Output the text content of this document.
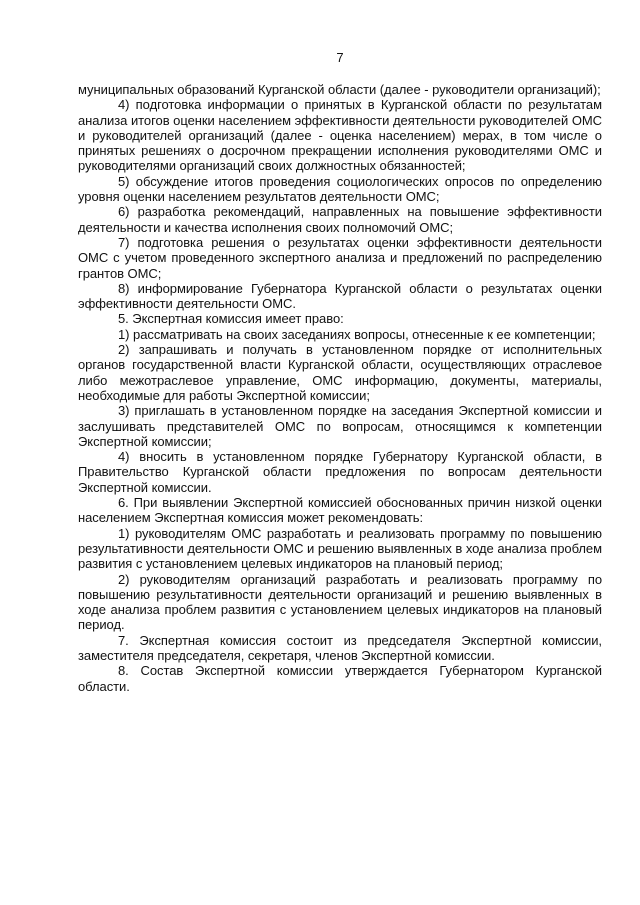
7

муниципальных образований Курганской области (далее - руководители организаций);

4) подготовка информации о принятых в Курганской области по результатам анализа итогов оценки населением эффективности деятельности руководителей ОМС и руководителей организаций (далее - оценка населением) мерах, в том числе о принятых решениях о досрочном прекращении исполнения руководителями ОМС и руководителями организаций своих должностных обязанностей;

5) обсуждение итогов проведения социологических опросов по определению уровня оценки населением результатов деятельности ОМС;

6) разработка рекомендаций, направленных на повышение эффективности деятельности и качества исполнения своих полномочий ОМС;

7) подготовка решения о результатах оценки эффективности деятельности ОМС с учетом проведенного экспертного анализа и предложений по распределению грантов ОМС;

8) информирование Губернатора Курганской области о результатах оценки эффективности деятельности ОМС.

5. Экспертная комиссия имеет право:

1) рассматривать на своих заседаниях вопросы, отнесенные к ее компетенции;

2) запрашивать и получать в установленном порядке от исполнительных органов государственной власти Курганской области, осуществляющих отраслевое либо межотраслевое управление, ОМС информацию, документы, материалы, необходимые для работы Экспертной комиссии;

3) приглашать в установленном порядке на заседания Экспертной комиссии и заслушивать представителей ОМС по вопросам, относящимся к компетенции Экспертной комиссии;

4) вносить в установленном порядке Губернатору Курганской области, в Правительство Курганской области предложения по вопросам деятельности Экспертной комиссии.

6. При выявлении Экспертной комиссией обоснованных причин низкой оценки населением Экспертная комиссия может рекомендовать:

1) руководителям ОМС разработать и реализовать программу по повышению результативности деятельности ОМС и решению выявленных в ходе анализа проблем развития с установлением целевых индикаторов на плановый период;

2) руководителям организаций разработать и реализовать программу по повышению результативности деятельности организаций и решению выявленных в ходе анализа проблем развития с установлением целевых индикаторов на плановый период.

7. Экспертная комиссия состоит из председателя Экспертной комиссии, заместителя председателя, секретаря, членов Экспертной комиссии.

8. Состав Экспертной комиссии утверждается Губернатором Курганской области.
